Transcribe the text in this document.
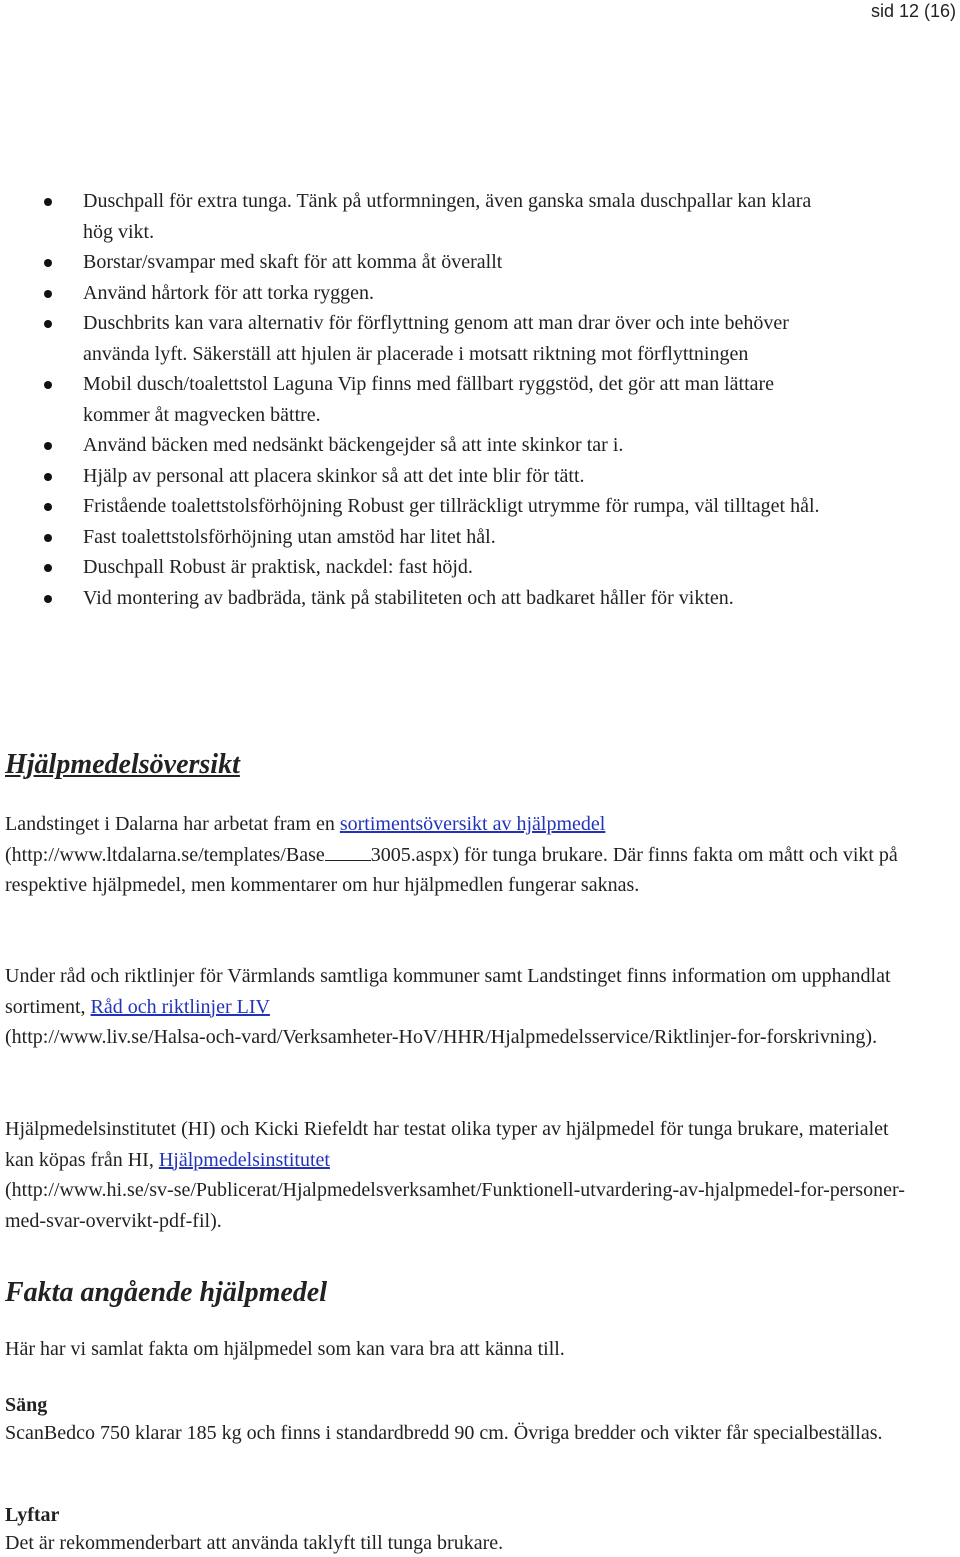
sid 12 (16)
Duschpall för extra tunga. Tänk på utformningen, även ganska smala duschpallar kan klara hög vikt.
Borstar/svampar med skaft för att komma åt överallt
Använd hårtork för att torka ryggen.
Duschbrits kan vara alternativ för förflyttning genom att man drar över och inte behöver använda lyft. Säkerställ att hjulen är placerade i motsatt riktning mot förflyttningen
Mobil dusch/toalettstol Laguna Vip finns med fällbart ryggstöd, det gör att man lättare kommer åt magvecken bättre.
Använd bäcken med nedsänkt bäckengejder så att inte skinkor tar i.
Hjälp av personal att placera skinkor så att det inte blir för tätt.
Fristående toalettstolsförhöjning Robust ger tillräckligt utrymme för rumpa, väl tilltaget hål.
Fast toalettstolsförhöjning utan amstöd har litet hål.
Duschpall Robust är praktisk, nackdel: fast höjd.
Vid montering av badbräda, tänk på stabiliteten och att badkaret håller för vikten.
Hjälpmedelsöversikt

Landstinget i Dalarna har arbetat fram en sortimentsöversikt av hjälpmedel
(http://www.ltdalarna.se/templates/Base 3005.aspx) för tunga brukare. Där finns fakta om mått och vikt på respektive hjälpmedel, men kommentarer om hur hjälpmedlen fungerar saknas.

Under råd och riktlinjer för Värmlands samtliga kommuner samt Landstinget finns information om upphandlat sortiment, Råd och riktlinjer LIV
(http://www.liv.se/Halsa-och-vard/Verksamheter-HoV/HHR/Hjalpmedelsservice/Riktlinjer-for-forskrivning).

Hjälpmedelsinstitutet (HI) och Kicki Riefeldt har testat olika typer av hjälpmedel för tunga brukare, materialet kan köpas från HI, Hjälpmedelsinstitutet
(http://www.hi.se/sv-se/Publicerat/Hjalpmedelsverksamhet/Funktionell-utvardering-av-hjalpmedel-for-personer-med-svar-overvikt-pdf-fil).

Fakta angående hjälpmedel

Här har vi samlat fakta om hjälpmedel som kan vara bra att känna till.

Säng
ScanBedco 750 klarar 185 kg och finns i standardbredd 90 cm. Övriga bredder och vikter får specialbeställas.
Lyftar
Det är rekommenderbart att använda taklyft till tunga brukare.
